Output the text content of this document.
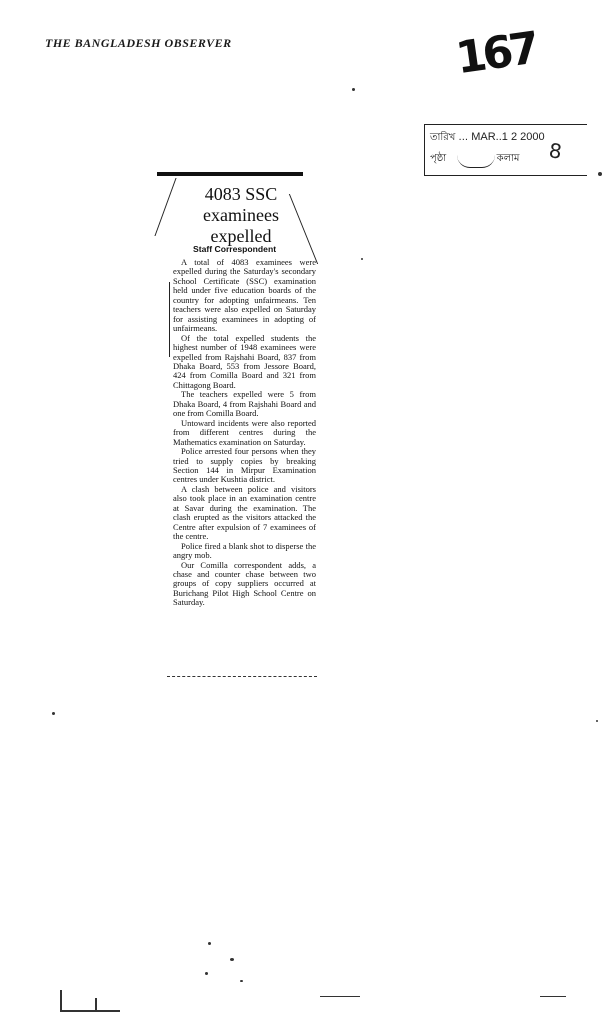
THE BANGLADESH OBSERVER	167
তারিখ ... MAR..1 2 2000
পৃষ্ঠা	কলাম 8
4083 SSC
examinees
expelled
Staff Correspondent

A total of 4083 examinees were expelled during the Saturday's secondary School Certificate (SSC) examination held under five education boards of the country for adopting unfairmeans. Ten teachers were also expelled on Saturday for assisting examinees in adopting of unfairmeans.

Of the total expelled students the highest number of 1948 examinees were expelled from Rajshahi Board, 837 from Dhaka Board, 553 from Jessore Board, 424 from Comilla Board and 321 from Chittagong Board.

The teachers expelled were 5 from Dhaka Board, 4 from Rajshahi Board and one from Comilla Board.

Untoward incidents were also reported from different centres during the Mathematics examination on Saturday.

Police arrested four persons when they tried to supply copies by breaking Section 144 in Mirpur Examination centres under Kushtia district.

A clash between police and visitors also took place in an examination centre at Savar during the examination. The clash erupted as the visitors attacked the Centre after expulsion of 7 examinees of the centre.

Police fired a blank shot to disperse the angry mob.

Our Comilla correspondent adds, a chase and counter chase between two groups of copy suppliers occurred at Burichang Pilot High School Centre on Saturday.
